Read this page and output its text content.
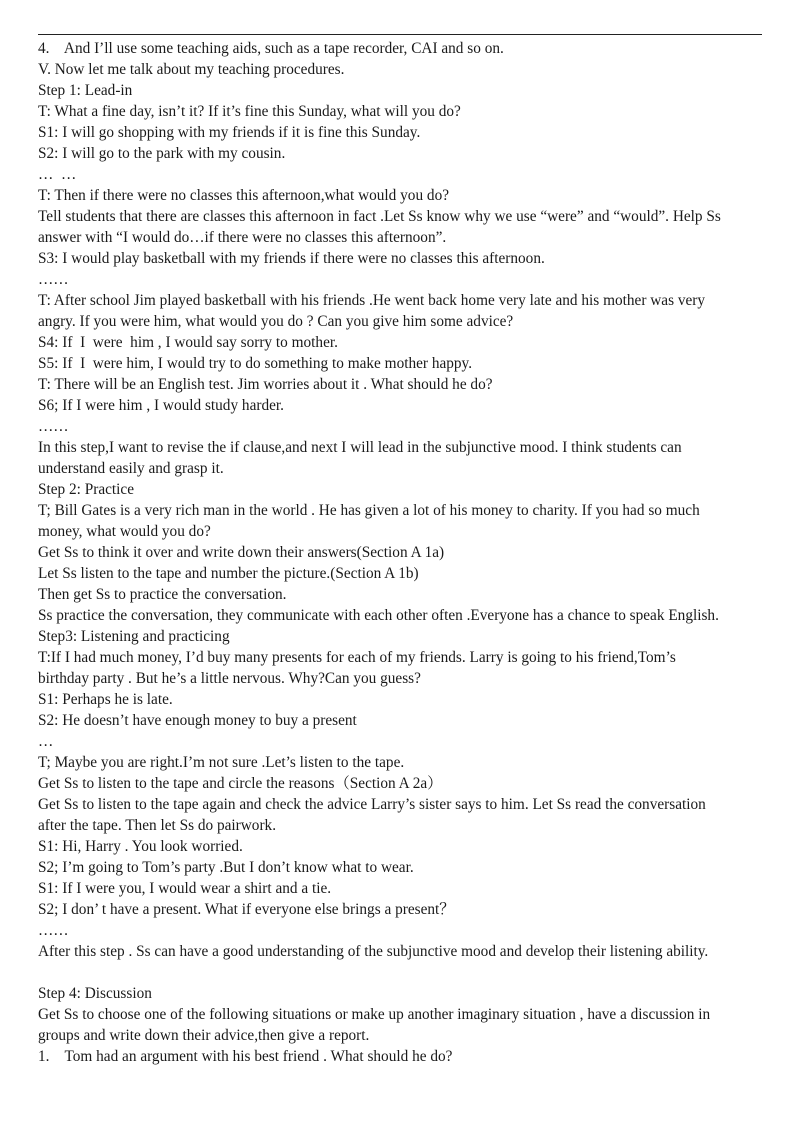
4.    And I’ll use some teaching aids, such as a tape recorder, CAI and so on.
V. Now let me talk about my teaching procedures.
Step 1: Lead-in
T: What a fine day, isn’t it? If it’s fine this Sunday, what will you do?
S1: I will go shopping with my friends if it is fine this Sunday.
S2: I will go to the park with my cousin.
…  …
T: Then if there were no classes this afternoon,what would you do?
Tell students that there are classes this afternoon in fact .Let Ss know why we use “were” and “would”. Help Ss
answer with “I would do…if there were no classes this afternoon”.
S3: I would play basketball with my friends if there were no classes this afternoon.
……
T: After school Jim played basketball with his friends .He went back home very late and his mother was very
angry. If you were him, what would you do ? Can you give him some advice?
S4: If  I  were  him , I would say sorry to mother.
S5: If  I  were him, I would try to do something to make mother happy.
T: There will be an English test. Jim worries about it . What should he do?
S6; If I were him , I would study harder.
……
In this step,I want to revise the if clause,and next I will lead in the subjunctive mood. I think students can
understand easily and grasp it.
Step 2: Practice
T; Bill Gates is a very rich man in the world . He has given a lot of his money to charity. If you had so much
money, what would you do?
Get Ss to think it over and write down their answers(Section A 1a)
Let Ss listen to the tape and number the picture.(Section A 1b)
Then get Ss to practice the conversation.
Ss practice the conversation, they communicate with each other often .Everyone has a chance to speak English.
Step3: Listening and practicing
T:If I had much money, I’d buy many presents for each of my friends. Larry is going to his friend,Tom’s
birthday party . But he’s a little nervous. Why?Can you guess?
S1: Perhaps he is late.
S2: He doesn’t have enough money to buy a present
…
T; Maybe you are right.I’m not sure .Let’s listen to the tape.
Get Ss to listen to the tape and circle the reasons（Section A 2a）
Get Ss to listen to the tape again and check the advice Larry’s sister says to him. Let Ss read the conversation
after the tape. Then let Ss do pairwork.
S1: Hi, Harry . You look worried.
S2; I’m going to Tom’s party .But I don’t know what to wear.
S1: If I were you, I would wear a shirt and a tie.
S2; I don’ t have a present. What if everyone else brings a present？
……
After this step . Ss can have a good understanding of the subjunctive mood and develop their listening ability.
Step 4: Discussion
Get Ss to choose one of the following situations or make up another imaginary situation , have a discussion in
groups and write down their advice,then give a report.
1.    Tom had an argument with his best friend . What should he do?
